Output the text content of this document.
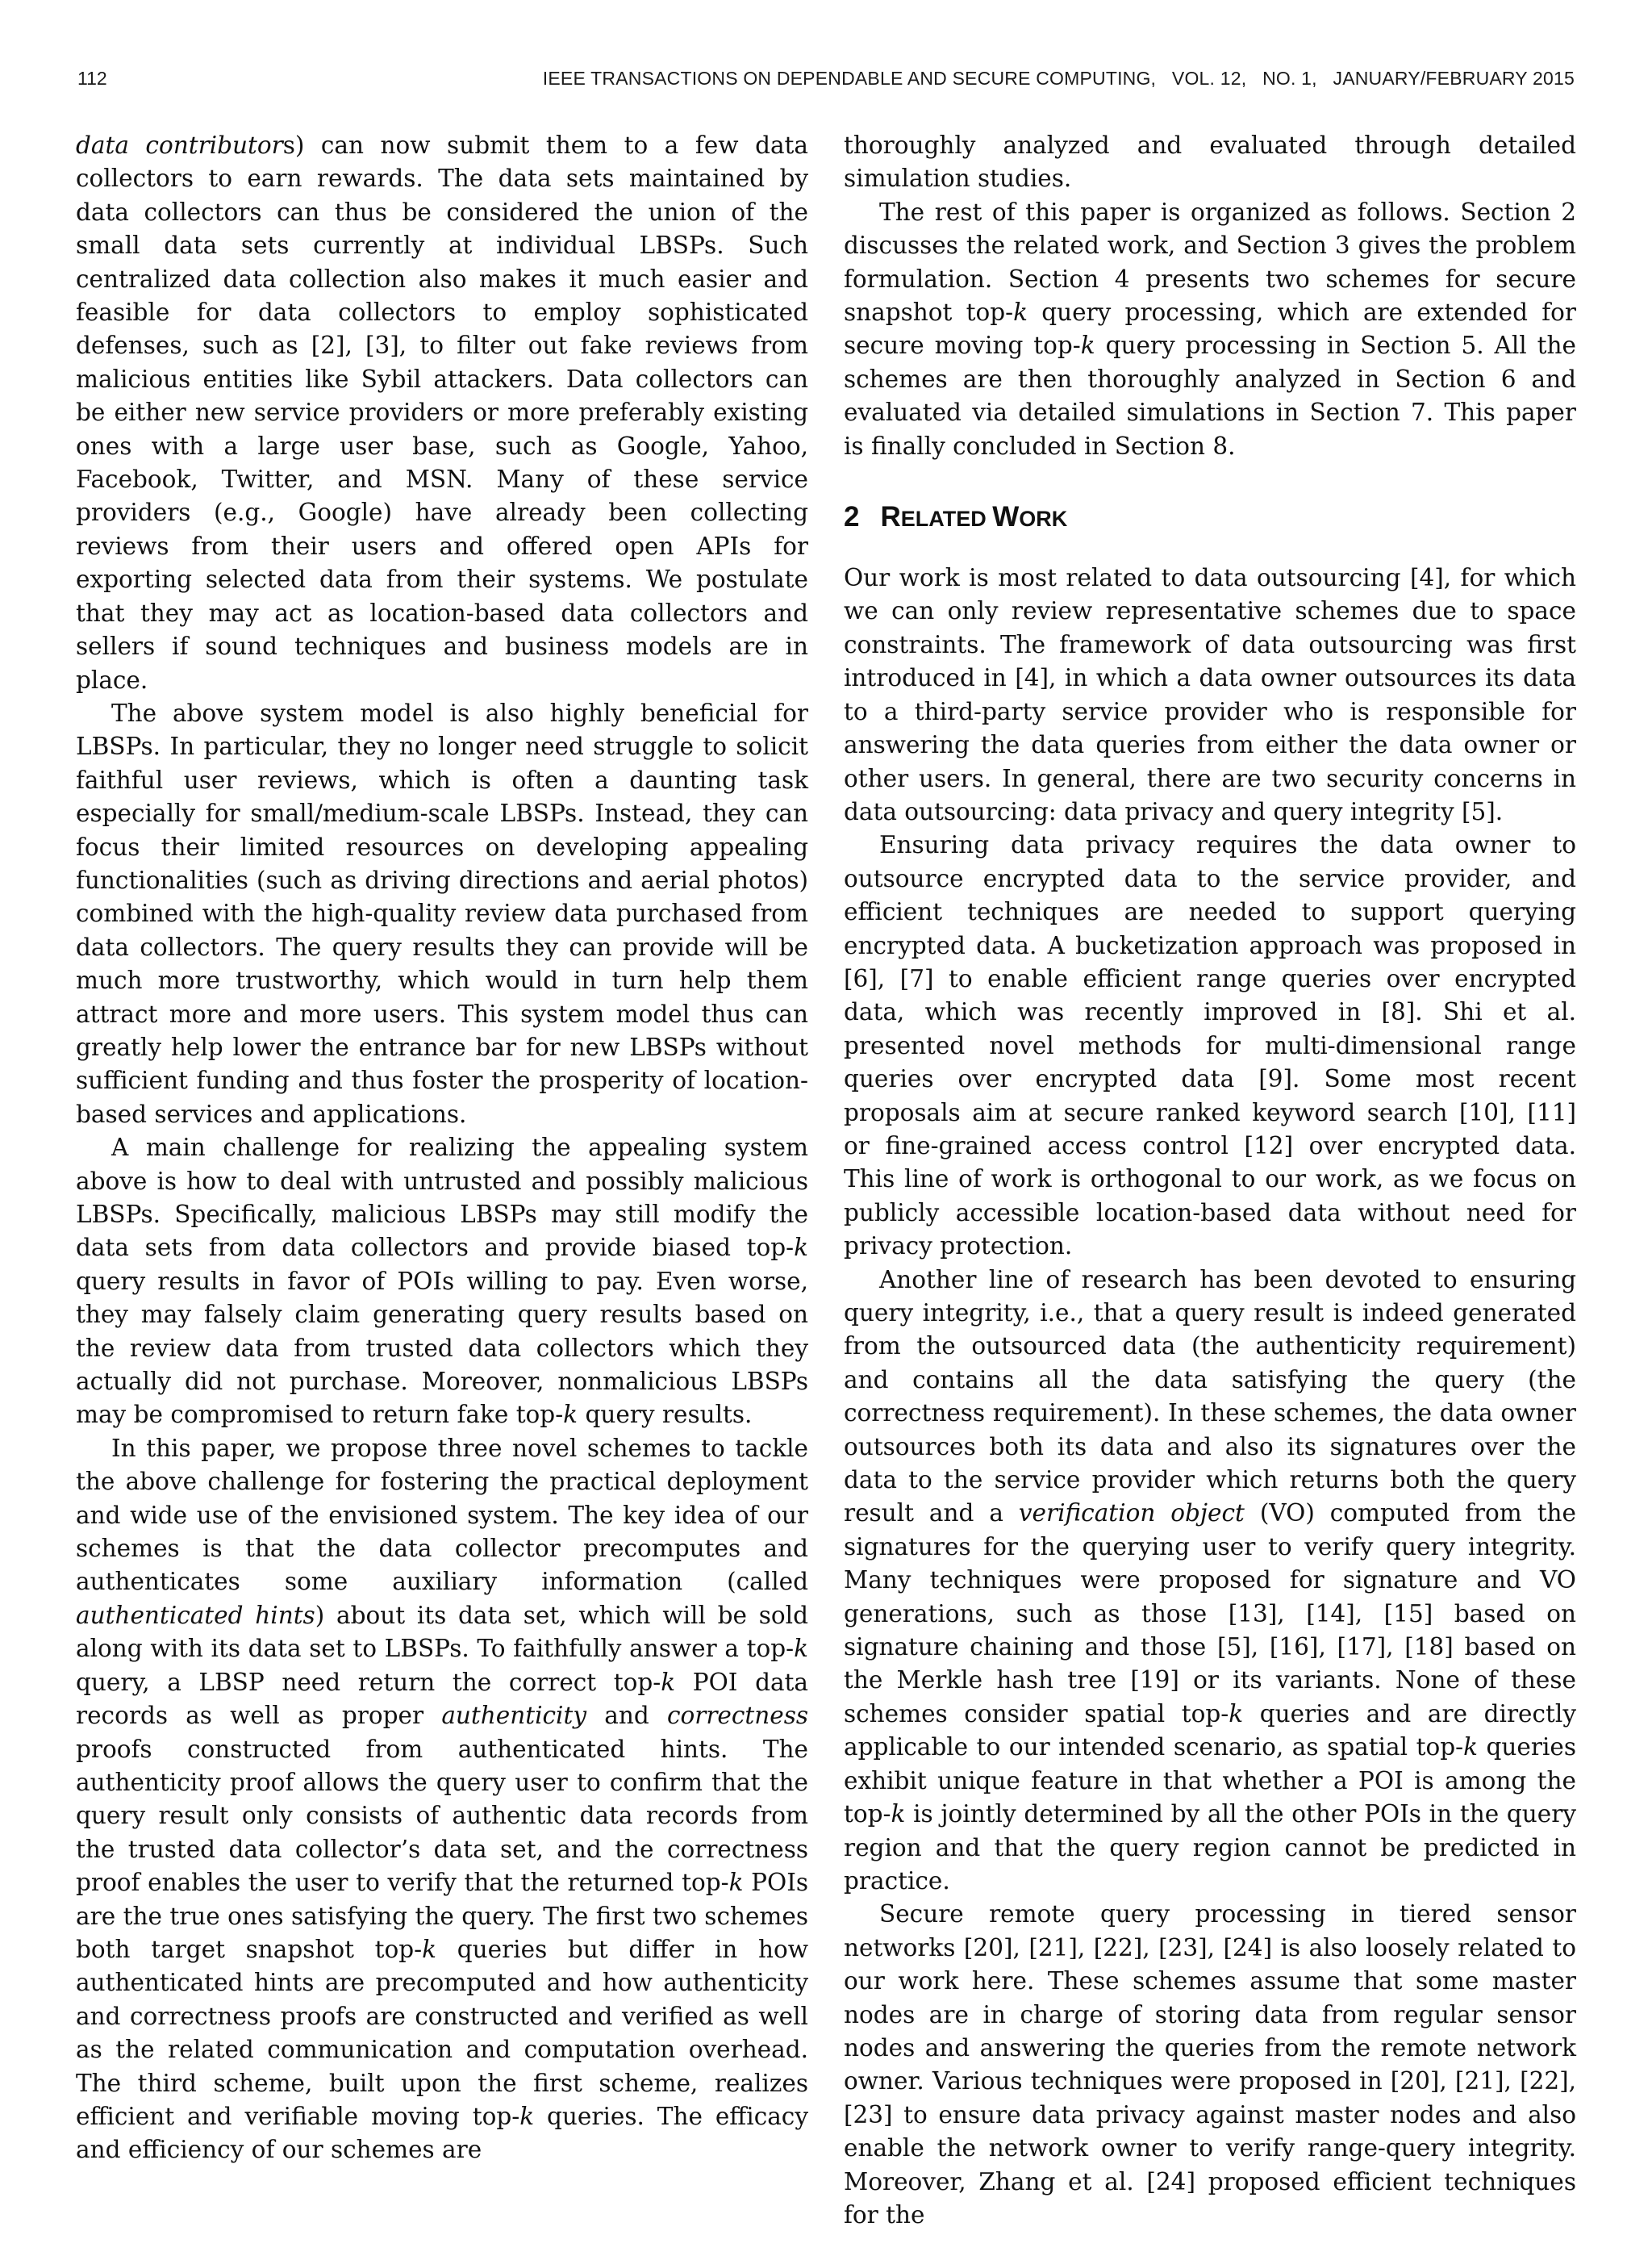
112	IEEE TRANSACTIONS ON DEPENDABLE AND SECURE COMPUTING,   VOL. 12,   NO. 1,   JANUARY/FEBRUARY 2015

data contributors) can now submit them to a few data collectors to earn rewards. The data sets maintained by data collectors can thus be considered the union of the small data sets currently at individual LBSPs. Such centralized data collection also makes it much easier and feasible for data collectors to employ sophisticated defenses, such as [2], [3], to filter out fake reviews from malicious entities like Sybil attackers. Data collectors can be either new service providers or more preferably existing ones with a large user base, such as Google, Yahoo, Facebook, Twitter, and MSN. Many of these service providers (e.g., Google) have already been collecting reviews from their users and offered open APIs for exporting selected data from their systems. We postulate that they may act as location-based data collectors and sellers if sound techniques and business models are in place.

The above system model is also highly beneficial for LBSPs. In particular, they no longer need struggle to solicit faithful user reviews, which is often a daunting task especially for small/medium-scale LBSPs. Instead, they can focus their limited resources on developing appealing functionalities (such as driving directions and aerial photos) combined with the high-quality review data purchased from data collectors. The query results they can provide will be much more trustworthy, which would in turn help them attract more and more users. This system model thus can greatly help lower the entrance bar for new LBSPs without sufficient funding and thus foster the prosperity of location-based services and applications.

A main challenge for realizing the appealing system above is how to deal with untrusted and possibly malicious LBSPs. Specifically, malicious LBSPs may still modify the data sets from data collectors and provide biased top-k query results in favor of POIs willing to pay. Even worse, they may falsely claim generating query results based on the review data from trusted data collectors which they actually did not purchase. Moreover, nonmalicious LBSPs may be compromised to return fake top-k query results.

In this paper, we propose three novel schemes to tackle the above challenge for fostering the practical deployment and wide use of the envisioned system. The key idea of our schemes is that the data collector precomputes and authenticates some auxiliary information (called authenticated hints) about its data set, which will be sold along with its data set to LBSPs. To faithfully answer a top-k query, a LBSP need return the correct top-k POI data records as well as proper authenticity and correctness proofs constructed from authenticated hints. The authenticity proof allows the query user to confirm that the query result only consists of authentic data records from the trusted data collector’s data set, and the correctness proof enables the user to verify that the returned top-k POIs are the true ones satisfying the query. The first two schemes both target snapshot top-k queries but differ in how authenticated hints are precomputed and how authenticity and correctness proofs are constructed and verified as well as the related communication and computation overhead. The third scheme, built upon the first scheme, realizes efficient and verifiable moving top-k queries. The efficacy and efficiency of our schemes are

thoroughly analyzed and evaluated through detailed simulation studies.

The rest of this paper is organized as follows. Section 2 discusses the related work, and Section 3 gives the problem formulation. Section 4 presents two schemes for secure snapshot top-k query processing, which are extended for secure moving top-k query processing in Section 5. All the schemes are then thoroughly analyzed in Section 6 and evaluated via detailed simulations in Section 7. This paper is finally concluded in Section 8.

2 RELATED WORK

Our work is most related to data outsourcing [4], for which we can only review representative schemes due to space constraints. The framework of data outsourcing was first introduced in [4], in which a data owner outsources its data to a third-party service provider who is responsible for answering the data queries from either the data owner or other users. In general, there are two security concerns in data outsourcing: data privacy and query integrity [5].

Ensuring data privacy requires the data owner to outsource encrypted data to the service provider, and efficient techniques are needed to support querying encrypted data. A bucketization approach was proposed in [6], [7] to enable efficient range queries over encrypted data, which was recently improved in [8]. Shi et al. presented novel methods for multi-dimensional range queries over encrypted data [9]. Some most recent proposals aim at secure ranked keyword search [10], [11] or fine-grained access control [12] over encrypted data. This line of work is orthogonal to our work, as we focus on publicly accessible location-based data without need for privacy protection.

Another line of research has been devoted to ensuring query integrity, i.e., that a query result is indeed generated from the outsourced data (the authenticity requirement) and contains all the data satisfying the query (the correctness requirement). In these schemes, the data owner outsources both its data and also its signatures over the data to the service provider which returns both the query result and a verification object (VO) computed from the signatures for the querying user to verify query integrity. Many techniques were proposed for signature and VO generations, such as those [13], [14], [15] based on signature chaining and those [5], [16], [17], [18] based on the Merkle hash tree [19] or its variants. None of these schemes consider spatial top-k queries and are directly applicable to our intended scenario, as spatial top-k queries exhibit unique feature in that whether a POI is among the top-k is jointly determined by all the other POIs in the query region and that the query region cannot be predicted in practice.

Secure remote query processing in tiered sensor networks [20], [21], [22], [23], [24] is also loosely related to our work here. These schemes assume that some master nodes are in charge of storing data from regular sensor nodes and answering the queries from the remote network owner. Various techniques were proposed in [20], [21], [22], [23] to ensure data privacy against master nodes and also enable the network owner to verify range-query integrity. Moreover, Zhang et al. [24] proposed efficient techniques for the
